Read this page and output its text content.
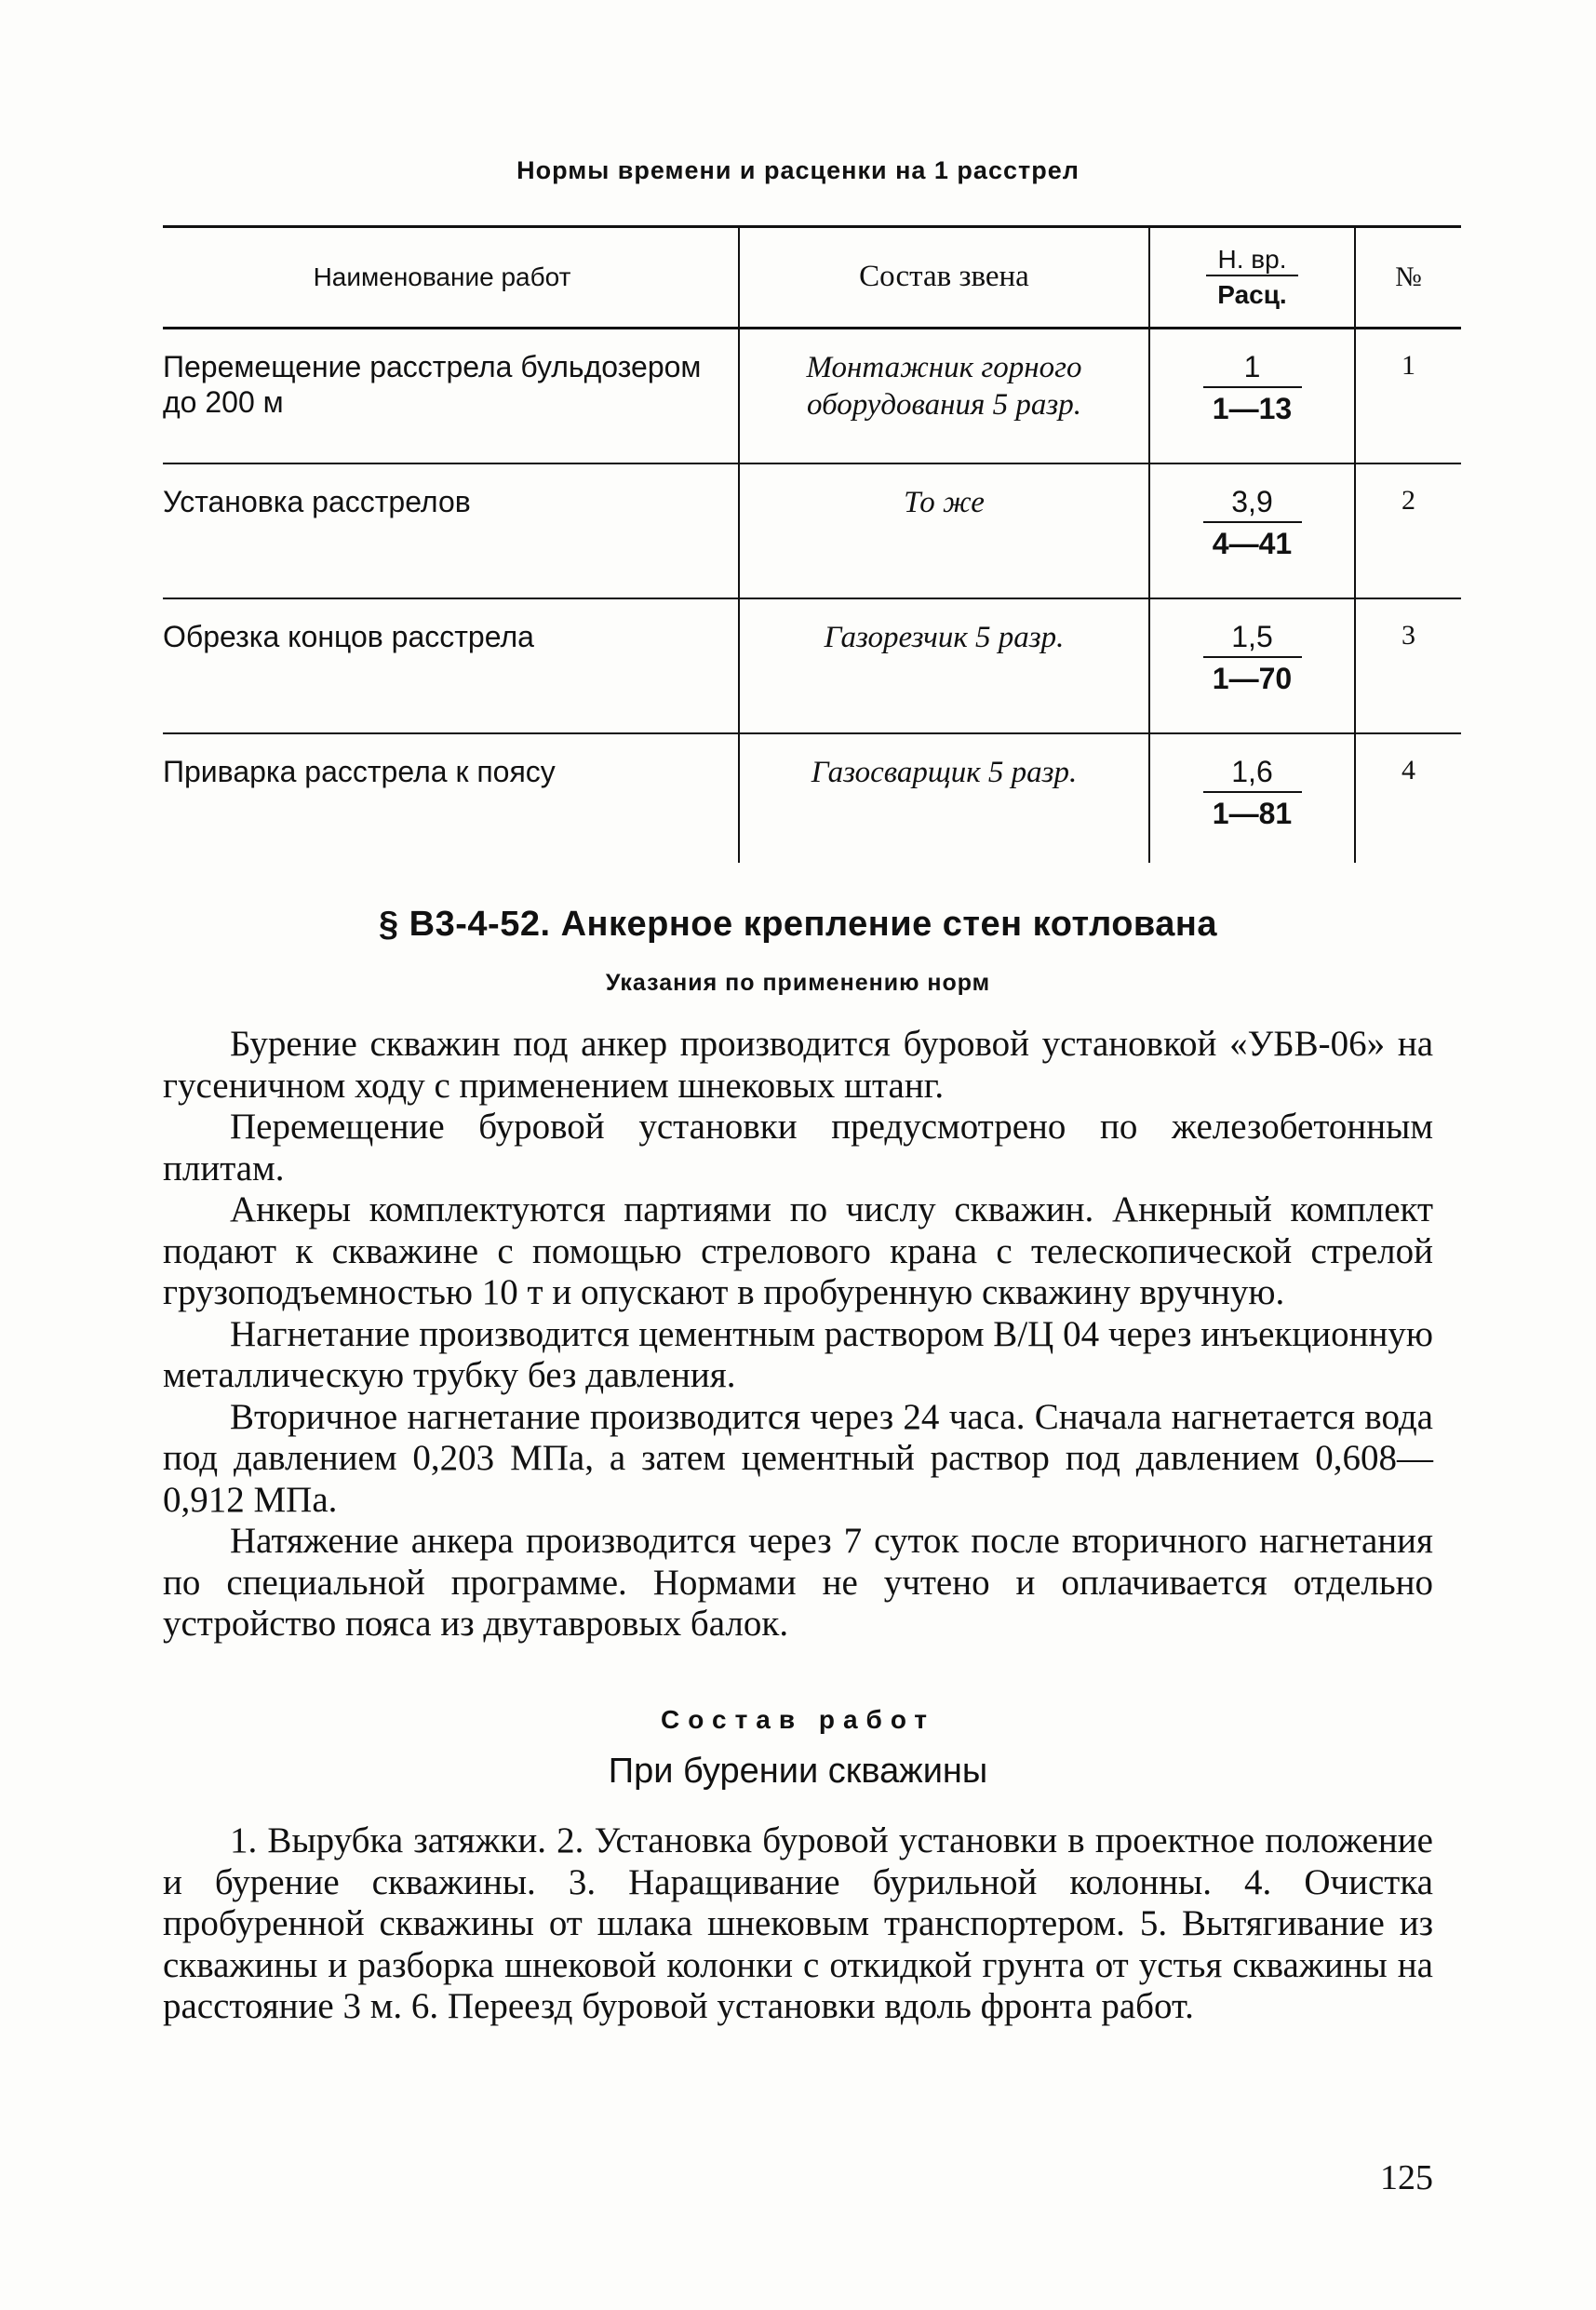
Нормы времени и расценки на 1 расстрел
Наименование работ	Состав звена	$\frac{Н. вр.}{\text{Расц.}}$	№
Перемещение расстрела бульдозером до 200 м	Монтажник горного оборудования 5 разр.	$\frac{1}{1—13}$	1
Установка расстрелов	То же	$\frac{3,9}{4—41}$	2
Обрезка концов расстрела	Газорезчик 5 разр.	$\frac{1,5}{1—70}$	3
Приварка расстрела к поясу	Газосварщик 5 разр.	$\frac{1,6}{1—81}$	4
§ В3-4-52. Анкерное крепление стен котлована
Указания по применению норм

Бурение скважин под анкер производится буровой установкой «УБВ-06» на гусеничном ходу с применением шнековых штанг.

Перемещение буровой установки предусмотрено по железобетонным плитам.

Анкеры комплектуются партиями по числу скважин. Анкерный комплект подают к скважине с помощью стрелового крана с телескопической стрелой грузоподъемностью 10 т и опускают в пробуренную скважину вручную.

Нагнетание производится цементным раствором В/Ц 04 через инъекционную металлическую трубку без давления.

Вторичное нагнетание производится через 24 часа. Сначала нагнетается вода под давлением 0,203 МПа, а затем цементный раствор под давлением 0,608—0,912 МПа.

Натяжение анкера производится через 7 суток после вторичного нагнетания по специальной программе. Нормами не учтено и оплачивается отдельно устройство пояса из двутавровых балок.

Состав работ
При бурении скважины

1. Вырубка затяжки. 2. Установка буровой установки в проектное положение и бурение скважины. 3. Наращивание бурильной колонны. 4. Очистка пробуренной скважины от шлака шнековым транспортером. 5. Вытягивание из скважины и разборка шнековой колонки с откидкой грунта от устья скважины на расстояние 3 м. 6. Переезд буровой установки вдоль фронта работ.

125
